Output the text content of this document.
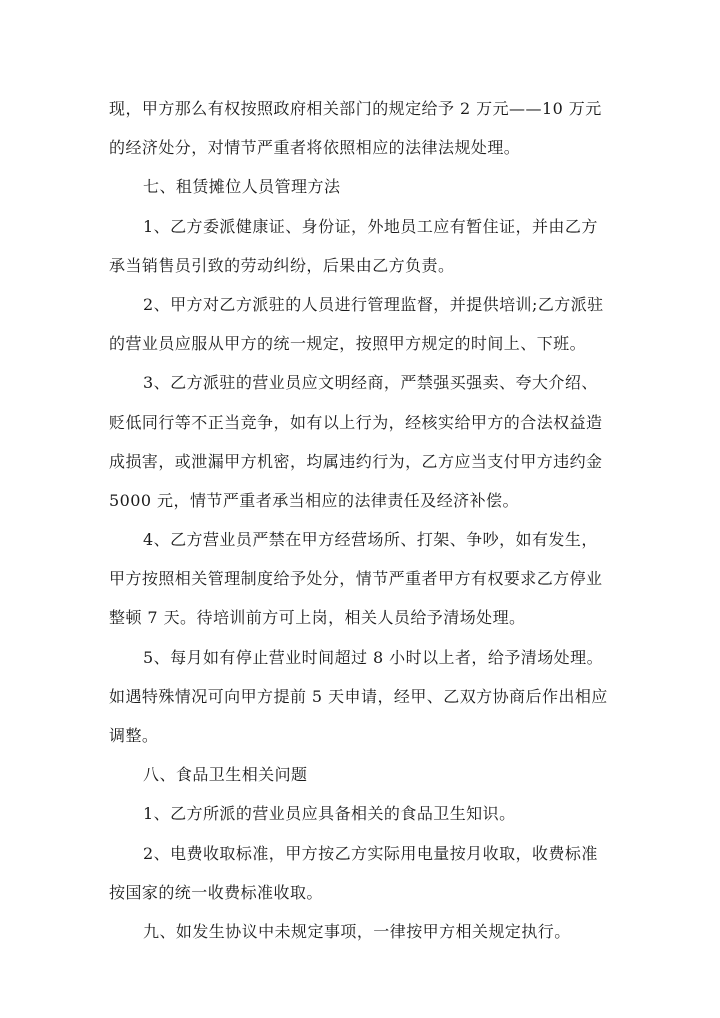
现，甲方那么有权按照政府相关部门的规定给予 2 万元——10 万元
的经济处分，对情节严重者将依照相应的法律法规处理。
七、租赁摊位人员管理方法
1、乙方委派健康证、身份证，外地员工应有暂住证，并由乙方
承当销售员引致的劳动纠纷，后果由乙方负责。
2、甲方对乙方派驻的人员进行管理监督，并提供培训;乙方派驻
的营业员应服从甲方的统一规定，按照甲方规定的时间上、下班。
3、乙方派驻的营业员应文明经商，严禁强买强卖、夸大介绍、
贬低同行等不正当竞争，如有以上行为，经核实给甲方的合法权益造
成损害，或泄漏甲方机密，均属违约行为，乙方应当支付甲方违约金
5000 元，情节严重者承当相应的法律责任及经济补偿。
4、乙方营业员严禁在甲方经营场所、打架、争吵，如有发生，
甲方按照相关管理制度给予处分，情节严重者甲方有权要求乙方停业
整顿 7 天。待培训前方可上岗，相关人员给予清场处理。
5、每月如有停止营业时间超过 8 小时以上者，给予清场处理。
如遇特殊情况可向甲方提前 5 天申请，经甲、乙双方协商后作出相应
调整。
八、食品卫生相关问题
1、乙方所派的营业员应具备相关的食品卫生知识。
2、电费收取标准，甲方按乙方实际用电量按月收取，收费标准
按国家的统一收费标准收取。
九、如发生协议中未规定事项，一律按甲方相关规定执行。
